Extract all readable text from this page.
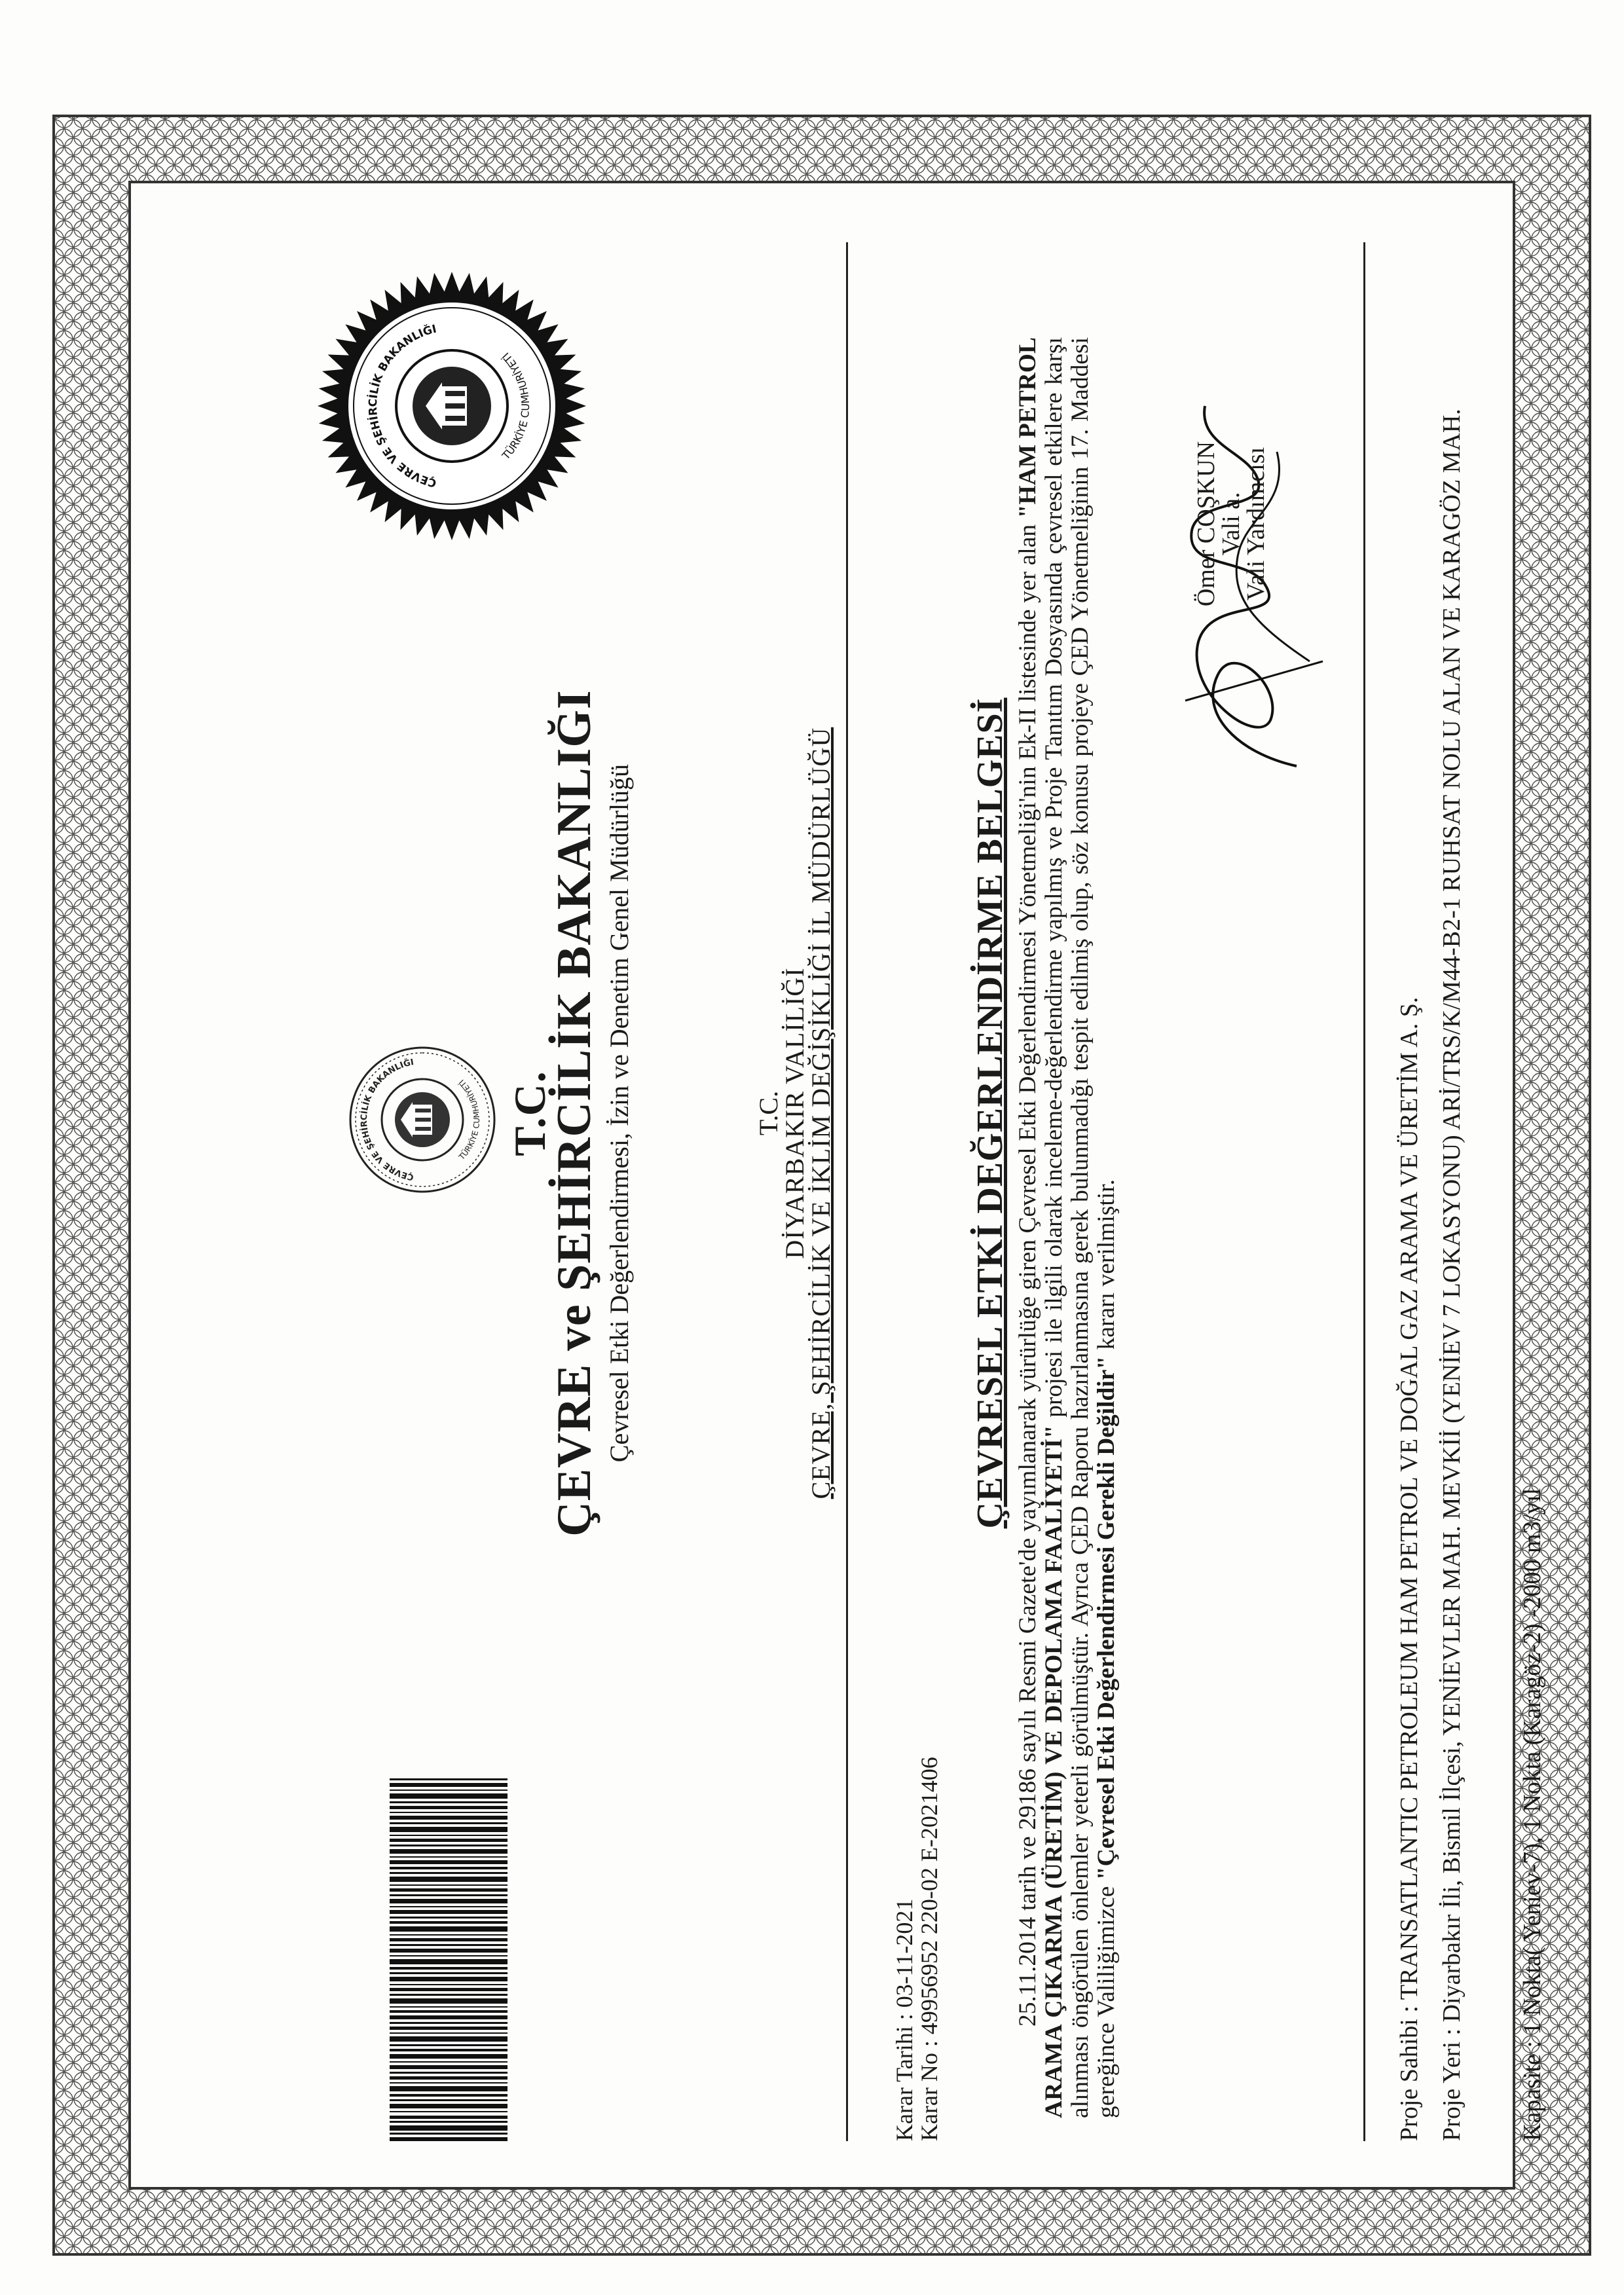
ÇEVRE VE ŞEHİRCİLİK BAKANLIĞI
TÜRKİYE CUMHURİYETİ T.C.
ÇEVRE ve ŞEHİRCİLİK BAKANLIĞI Çevresel Etki Değerlendirmesi, İzin ve Denetim Genel Müdürlüğü	T.C.
DİYARBAKIR VALİLİĞİ
ÇEVRE, ŞEHİRCİLİK VE İKLİM DEĞİŞİKLİĞİ İL MÜDÜRLÜĞÜ
Karar Tarihi : 03-11-2021
Karar No : 49956952 220-02 E-2021406
ÇEVRESEL ETKİ DEĞERLENDİRME BELGESİ 25.11.2014 tarih ve 29186 sayılı Resmi Gazete'de yayımlanarak yürürlüğe giren Çevresel Etki Değerlendirmesi Yönetmeliği'nin Ek-II listesinde yer alan "HAM PETROL ARAMA ÇIKARMA (ÜRETİM) VE DEPOLAMA FAALİYETİ" projesi ile ilgili olarak inceleme-değerlendirme yapılmış ve Proje Tanıtım Dosyasında çevresel etkilere karşı alınması öngörülen önlemler yeterli görülmüştür. Ayrıca ÇED Raporu hazırlanmasına gerek bulunmadığı tespit edilmiş olup, söz konusu projeye ÇED Yönetmeliğinin 17. Maddesi gereğince Valiliğimizce "Çevresel Etki Değerlendirmesi Gerekli Değildir" kararı verilmiştir.
Ömer COŞKUN
Vali a.
Vali Yardımcısı
ÇEVRE VE ŞEHİRCİLİK BAKANLIĞI
TÜRKİYE CUMHURİYETİ
Proje Sahibi : TRANSATLANTIC PETROLEUM HAM PETROL VE DOĞAL GAZ ARAMA VE ÜRETİM A. Ş. Proje Yeri : Diyarbakır İli, Bismil İlçesi, YENİEVLER MAH. MEVKİİ (YENİEV 7 LOKASYONU) ARİ/TRS/K/M44-B2-1 RUHSAT NOLU ALAN VE KARAGÖZ MAH. Kapasite : 1 Nokta( Yeniev-7), 1 Nokta (Karagöz-2) -2000 m3/yıl
